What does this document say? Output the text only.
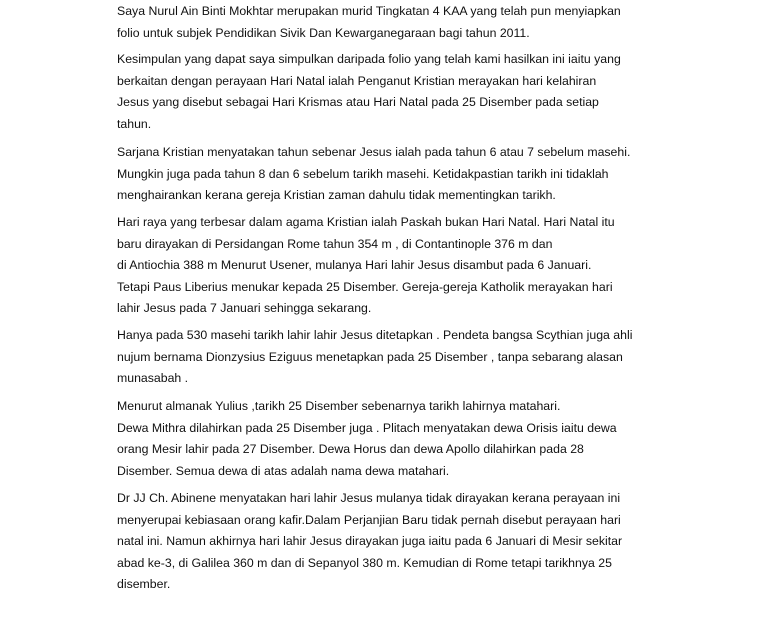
Saya Nurul Ain Binti Mokhtar merupakan murid Tingkatan 4 KAA yang telah pun menyiapkan
folio untuk subjek Pendidikan Sivik Dan Kewarganegaraan bagi tahun 2011.

Kesimpulan yang dapat saya simpulkan daripada folio yang telah kami hasilkan ini iaitu yang
berkaitan dengan perayaan Hari Natal ialah Penganut Kristian merayakan hari kelahiran
Jesus yang disebut sebagai Hari Krismas atau Hari Natal pada 25 Disember pada setiap
tahun.

Sarjana Kristian menyatakan tahun sebenar Jesus ialah pada tahun 6 atau 7 sebelum masehi.
Mungkin juga pada tahun 8 dan 6 sebelum tarikh masehi. Ketidakpastian tarikh ini tidaklah
menghairankan kerana gereja Kristian zaman dahulu tidak mementingkan tarikh.

Hari raya yang terbesar dalam agama Kristian ialah Paskah bukan Hari Natal. Hari Natal itu
baru dirayakan di Persidangan Rome tahun 354 m , di Contantinople 376 m dan
di Antiochia 388 m Menurut Usener, mulanya Hari lahir Jesus disambut pada 6 Januari.
Tetapi Paus Liberius menukar kepada 25 Disember. Gereja-gereja Katholik merayakan hari
lahir Jesus pada 7 Januari sehingga sekarang.

Hanya pada 530 masehi tarikh lahir lahir Jesus ditetapkan . Pendeta bangsa Scythian juga ahli
nujum bernama Dionzysius Eziguus menetapkan pada 25 Disember , tanpa sebarang alasan
munasabah .

Menurut almanak Yulius ,tarikh 25 Disember sebenarnya tarikh lahirnya matahari.
Dewa Mithra dilahirkan pada 25 Disember juga . Plitach menyatakan dewa Orisis iaitu dewa
orang Mesir lahir pada 27 Disember. Dewa Horus dan dewa Apollo dilahirkan pada 28
Disember. Semua dewa di atas adalah nama dewa matahari.

Dr JJ Ch. Abinene menyatakan hari lahir Jesus mulanya tidak dirayakan kerana perayaan ini
menyerupai kebiasaan orang kafir.Dalam Perjanjian Baru tidak pernah disebut perayaan hari
natal ini. Namun akhirnya hari lahir Jesus dirayakan juga iaitu pada 6 Januari di Mesir sekitar
abad ke-3, di Galilea 360 m dan di Sepanyol 380 m. Kemudian di Rome tetapi tarikhnya 25
disember.
